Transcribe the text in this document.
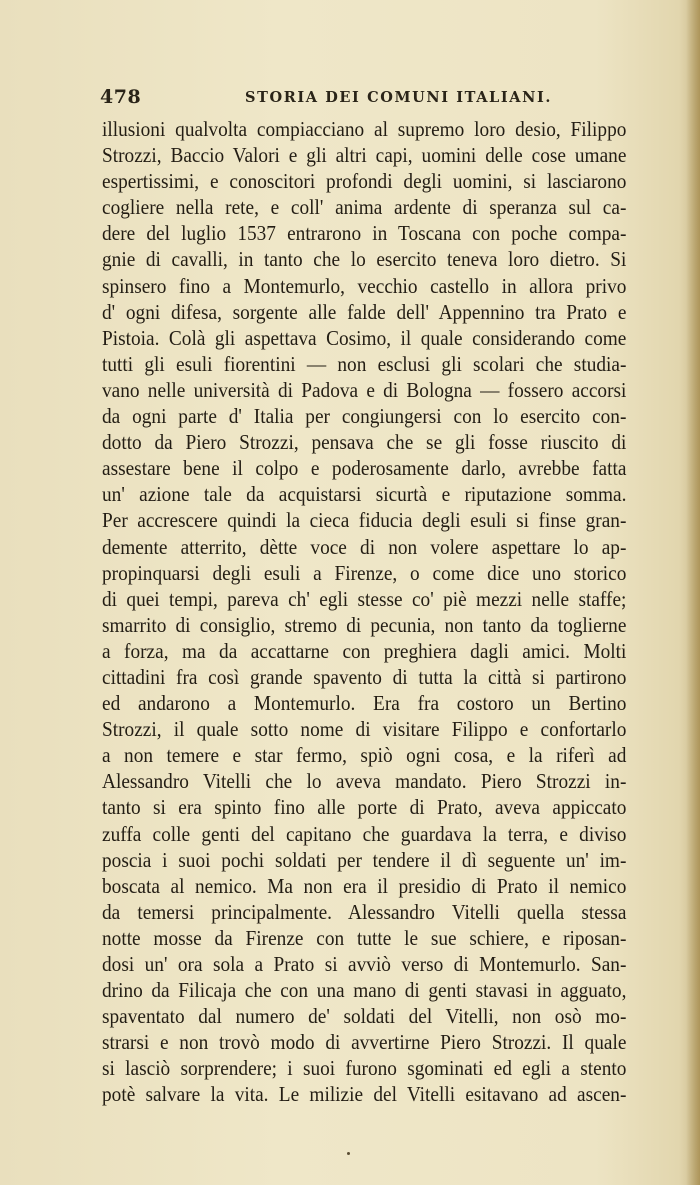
478	STORIA DEI COMUNI ITALIANI.
illusioni qualvolta compiacciano al supremo loro desio, Filippo
Strozzi, Baccio Valori e gli altri capi, uomini delle cose umane
espertissimi, e conoscitori profondi degli uomini, si lasciarono
cogliere nella rete, e coll' anima ardente di speranza sul ca-
dere del luglio 1537 entrarono in Toscana con poche compa-
gnie di cavalli, in tanto che lo esercito teneva loro dietro. Si
spinsero fino a Montemurlo, vecchio castello in allora privo
d' ogni difesa, sorgente alle falde dell' Appennino tra Prato e
Pistoia. Colà gli aspettava Cosimo, il quale considerando come
tutti gli esuli fiorentini — non esclusi gli scolari che studia-
vano nelle università di Padova e di Bologna — fossero accorsi
da ogni parte d' Italia per congiungersi con lo esercito con-
dotto da Piero Strozzi, pensava che se gli fosse riuscito di
assestare bene il colpo e poderosamente darlo, avrebbe fatta
un' azione tale da acquistarsi sicurtà e riputazione somma.
Per accrescere quindi la cieca fiducia degli esuli si finse gran-
demente atterrito, dètte voce di non volere aspettare lo ap-
propinquarsi degli esuli a Firenze, o come dice uno storico
di quei tempi, pareva ch' egli stesse co' piè mezzi nelle staffe;
smarrito di consiglio, stremo di pecunia, non tanto da toglierne
a forza, ma da accattarne con preghiera dagli amici. Molti
cittadini fra così grande spavento di tutta la città si partirono
ed andarono a Montemurlo. Era fra costoro un Bertino
Strozzi, il quale sotto nome di visitare Filippo e confortarlo
a non temere e star fermo, spiò ogni cosa, e la riferì ad
Alessandro Vitelli che lo aveva mandato. Piero Strozzi in-
tanto si era spinto fino alle porte di Prato, aveva appiccato
zuffa colle genti del capitano che guardava la terra, e diviso
poscia i suoi pochi soldati per tendere il dì seguente un' im-
boscata al nemico. Ma non era il presidio di Prato il nemico
da temersi principalmente. Alessandro Vitelli quella stessa
notte mosse da Firenze con tutte le sue schiere, e riposan-
dosi un' ora sola a Prato si avviò verso di Montemurlo. San-
drino da Filicaja che con una mano di genti stavasi in agguato,
spaventato dal numero de' soldati del Vitelli, non osò mo-
strarsi e non trovò modo di avvertirne Piero Strozzi. Il quale
si lasciò sorprendere; i suoi furono sgominati ed egli a stento
potè salvare la vita. Le milizie del Vitelli esitavano ad ascen-
